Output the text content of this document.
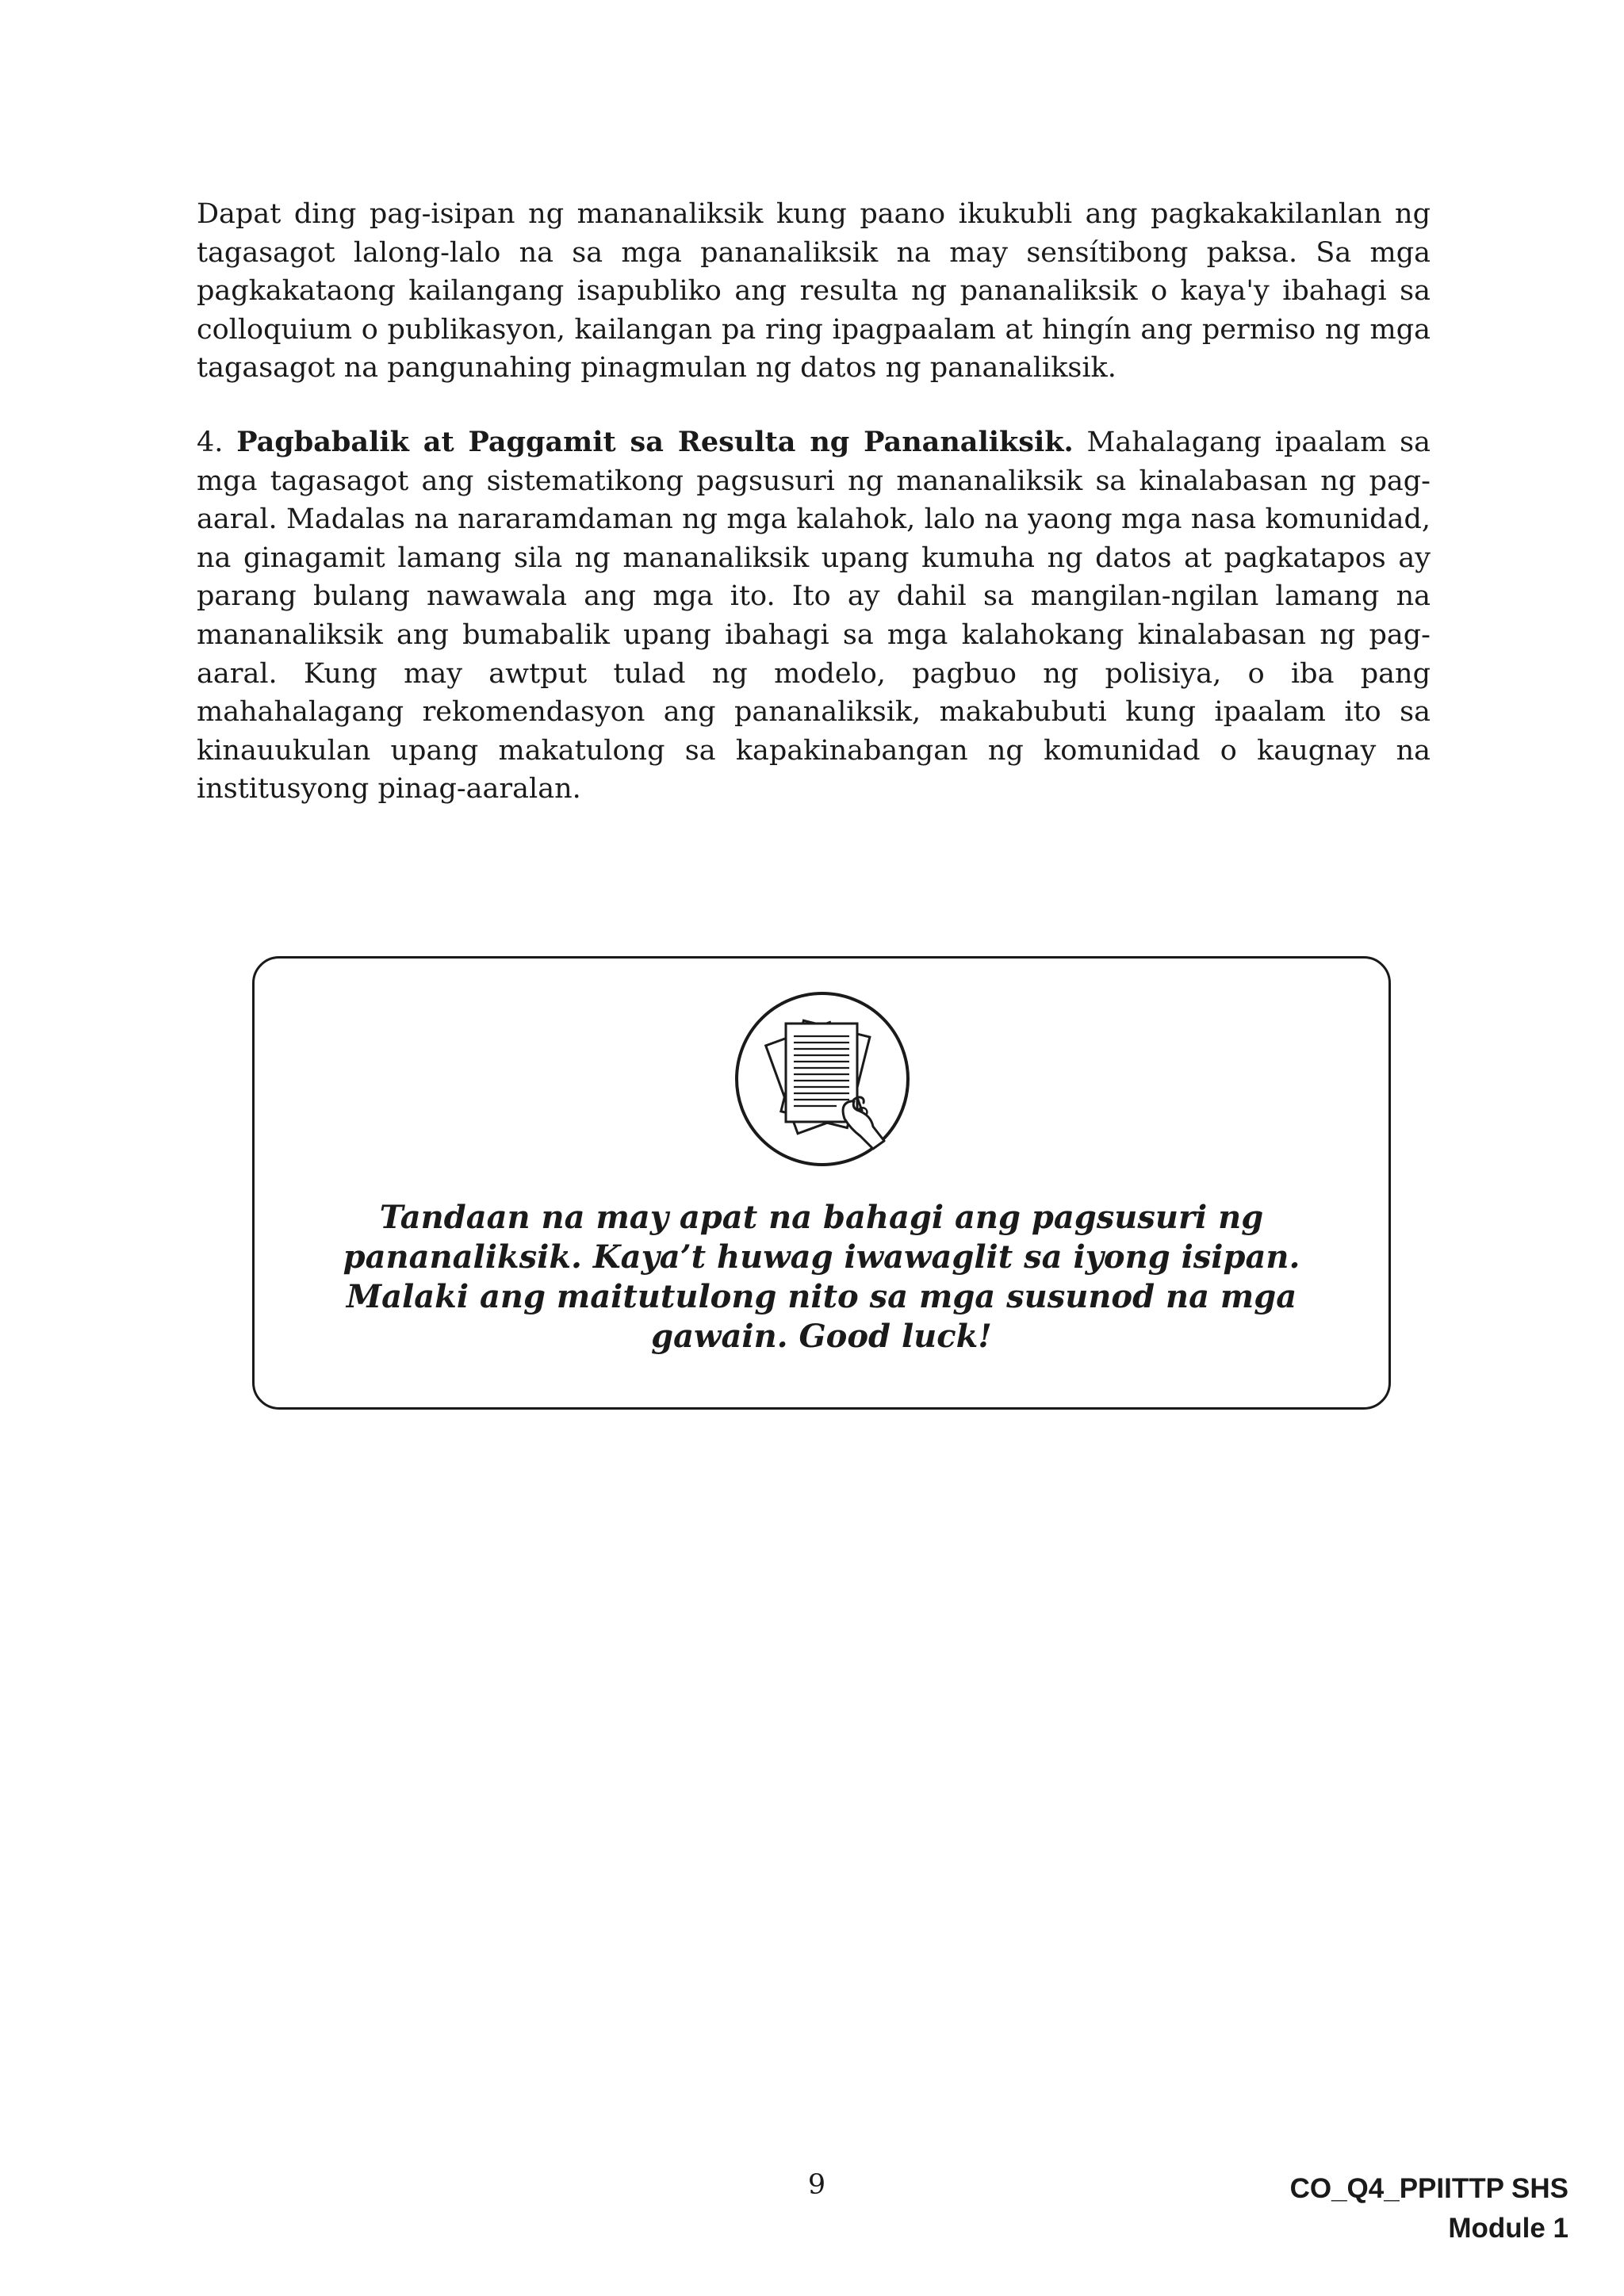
Dapat ding pag-isipan ng mananaliksik kung paano ikukubli ang pagkakakilanlan ng tagasagot lalong-lalo na sa mga pananaliksik na may sensítibong paksa. Sa mga pagkakataong kailangang isapubliko ang resulta ng pananaliksik o kaya'y ibahagi sa colloquium o publikasyon, kailangan pa ring ipagpaalam at hingín ang permiso ng mga tagasagot na pangunahing pinagmulan ng datos ng pananaliksik.

4. Pagbabalik at Paggamit sa Resulta ng Pananaliksik. Mahalagang ipaalam sa mga tagasagot ang sistematikong pagsusuri ng mananaliksik sa kinalabasan ng pag-aaral. Madalas na nararamdaman ng mga kalahok, lalo na yaong mga nasa komunidad, na ginagamit lamang sila ng mananaliksik upang kumuha ng datos at pagkatapos ay parang bulang nawawala ang mga ito. Ito ay dahil sa mangilan-ngilan lamang na mananaliksik ang bumabalik upang ibahagi sa mga kalahokang kinalabasan ng pag-aaral. Kung may awtput tulad ng modelo, pagbuo ng polisiya, o iba pang mahahalagang rekomendasyon ang pananaliksik, makabubuti kung ipaalam ito sa kinauukulan upang makatulong sa kapakinabangan ng komunidad o kaugnay na institusyong pinag-aaralan.

Tandaan na may apat na bahagi ang pagsusuri ng pananaliksik. Kaya’t huwag iwawaglit sa iyong isipan. Malaki ang maitutulong nito sa mga susunod na mga gawain. Good luck!

9	CO_Q4_PPIITTP SHS
Module 1
